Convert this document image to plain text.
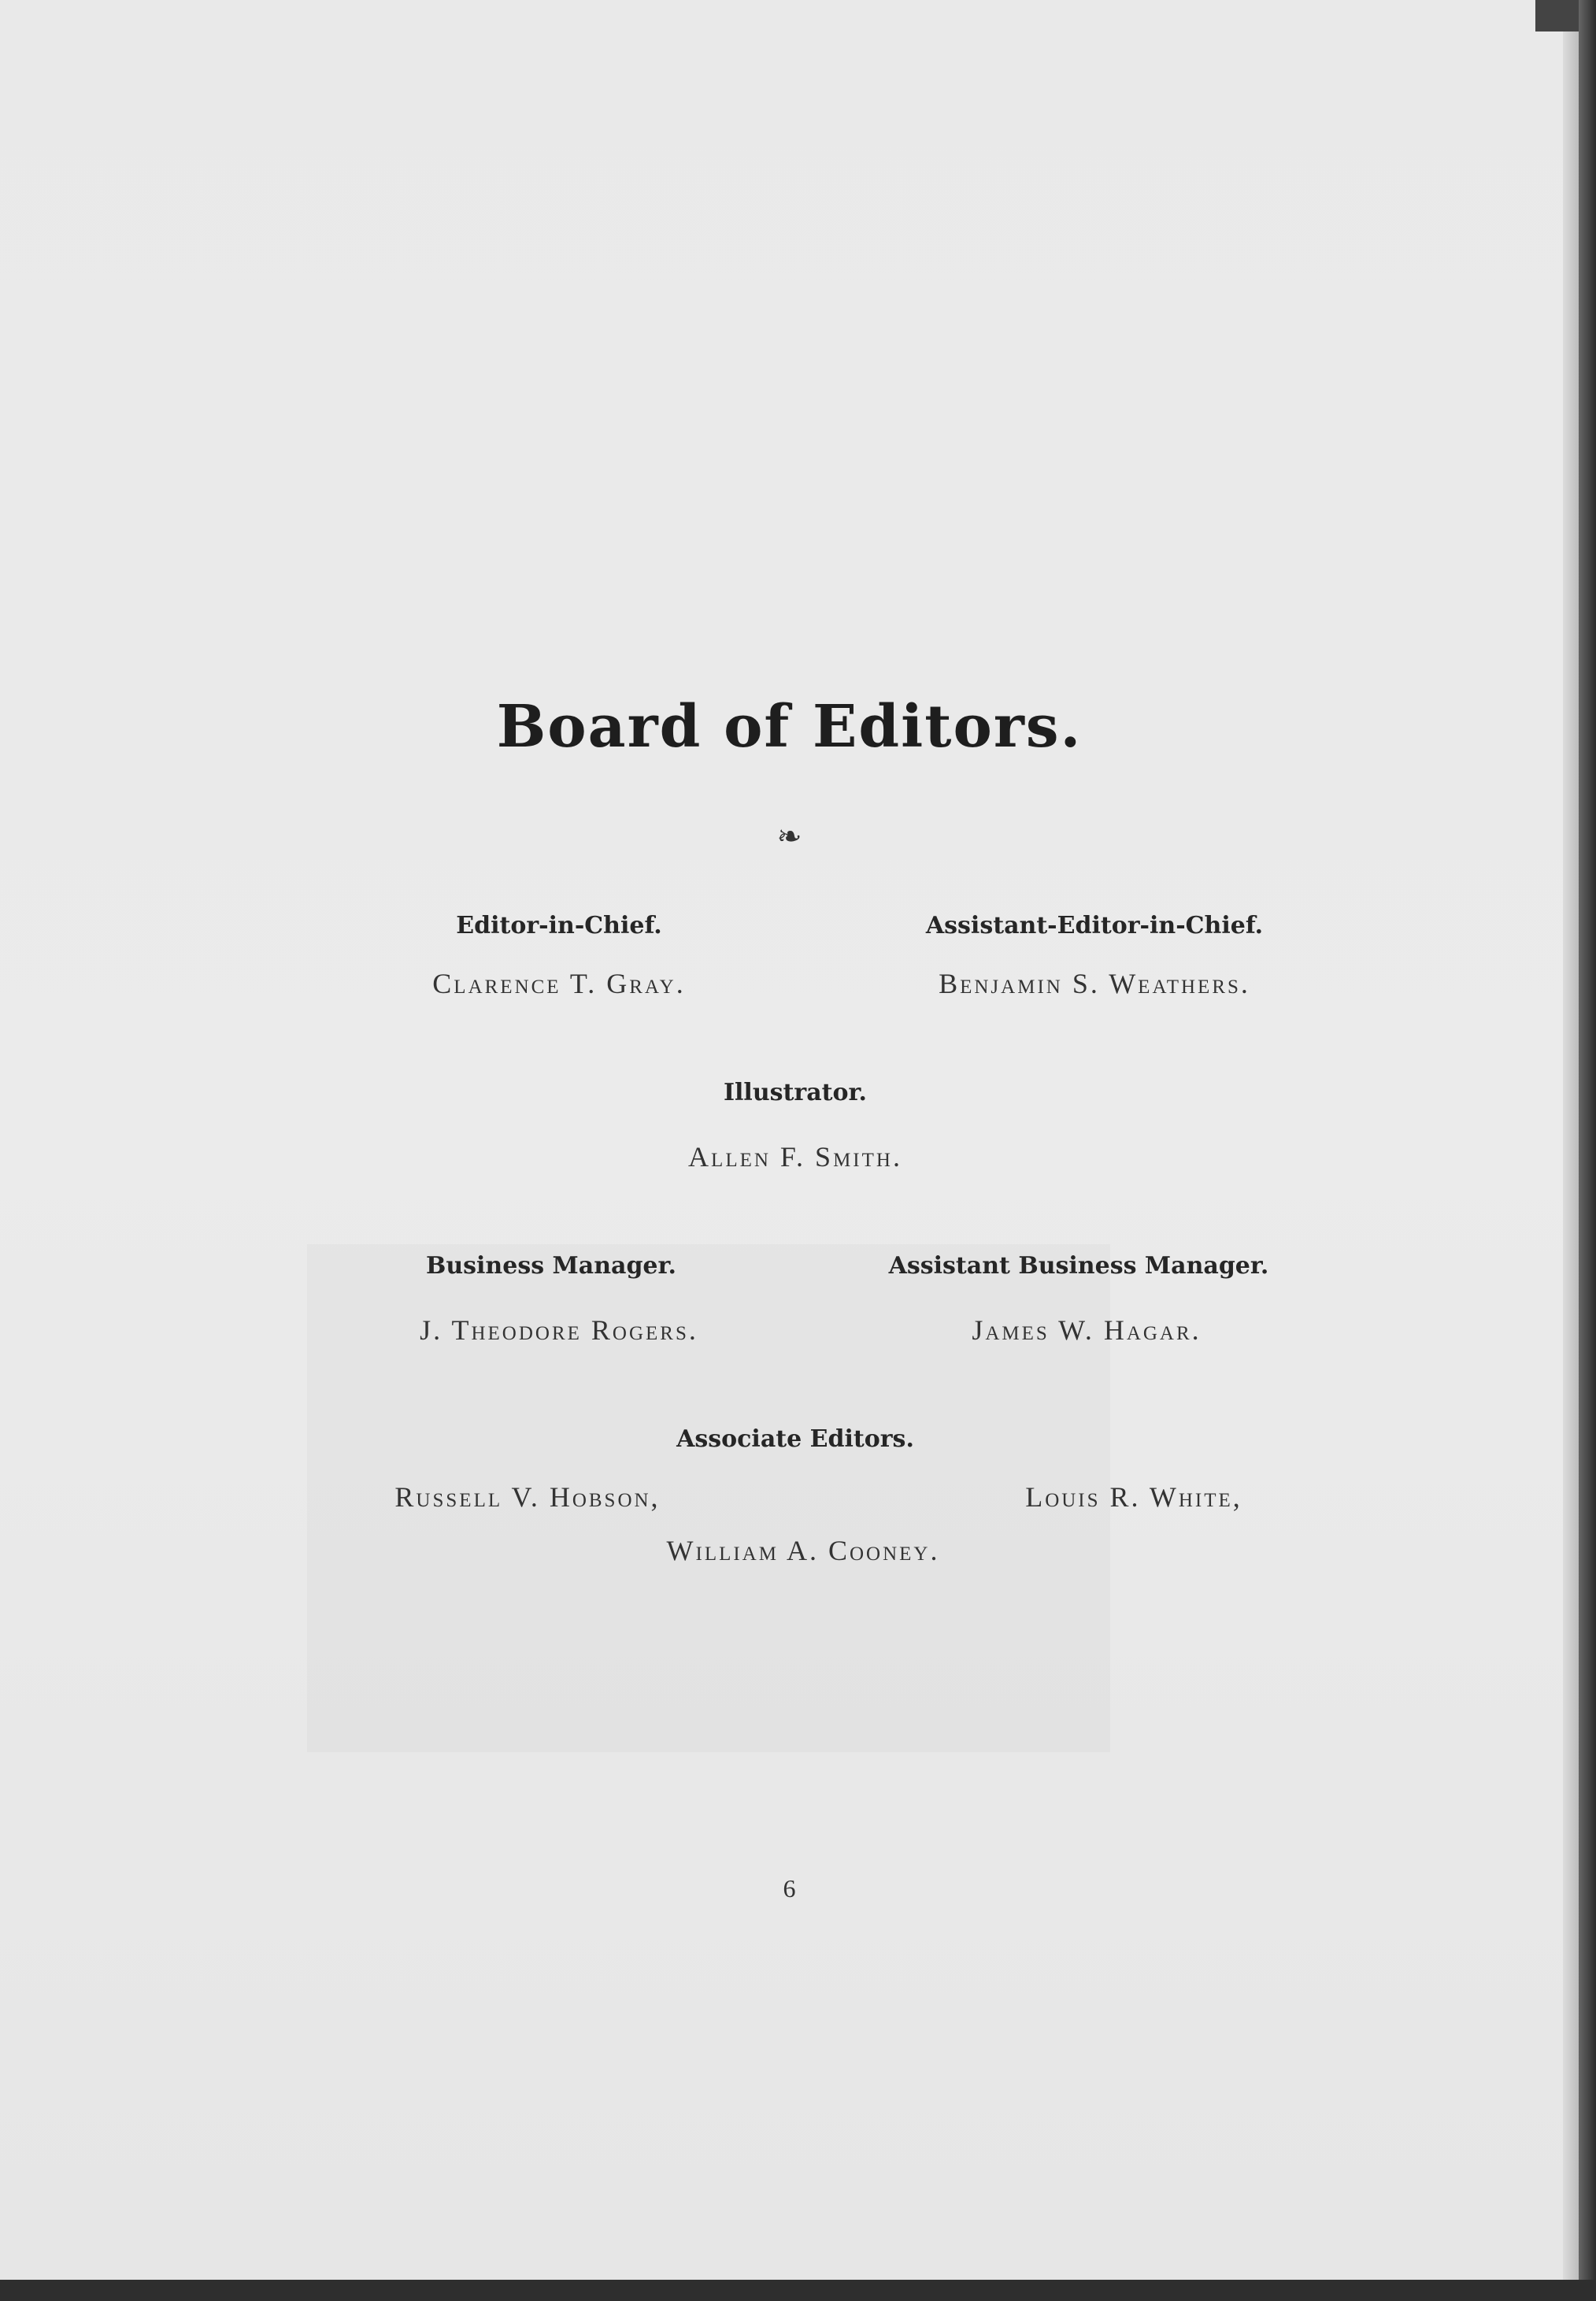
Board of Editors.
❧
Editor-in-Chief.
Clarence T. Gray.
Assistant-Editor-in-Chief.
Benjamin S. Weathers.
Illustrator.
Allen F. Smith.
Business Manager.
J. Theodore Rogers.
Assistant Business Manager.
James W. Hagar.
Associate Editors.
Russell V. Hobson,	Louis R. White,
William A. Cooney.
6
